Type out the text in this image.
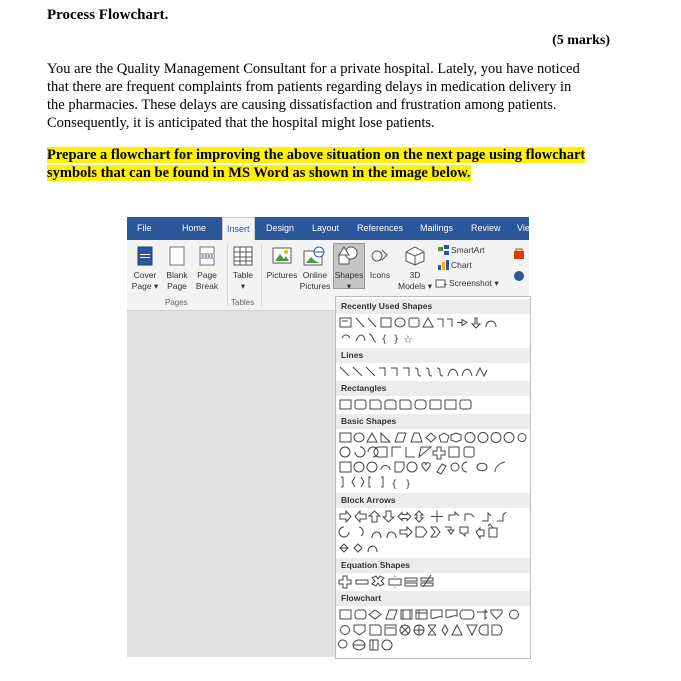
Process Flowchart.
(5 marks)
You are the Quality Management Consultant for a private hospital. Lately, you have noticed
that there are frequent complaints from patients regarding delays in medication delivery in
the pharmacies. These delays are causing dissatisfaction and frustration among patients.
Consequently, it is anticipated that the hospital might lose patients.
Prepare a flowchart for improving the above situation on the next page using flowchart
symbols that can be found in MS Word as shown in the image below.
File	Home	Insert	Design Layout References Mailings Review Vie
Cover
Page ▾
Blank
Page
Page
Break
Pages
Table
▾
Tables
Pictures Online
Pictures
Shapes
▾
Icons	3D
Models ▾
SmartArt
Chart
+ Screenshot ▾
Recently Used Shapes
{ } ☆
Lines
Rectangles
Basic Shapes
{ }
Block Arrows
Equation Shapes
Flowchart
